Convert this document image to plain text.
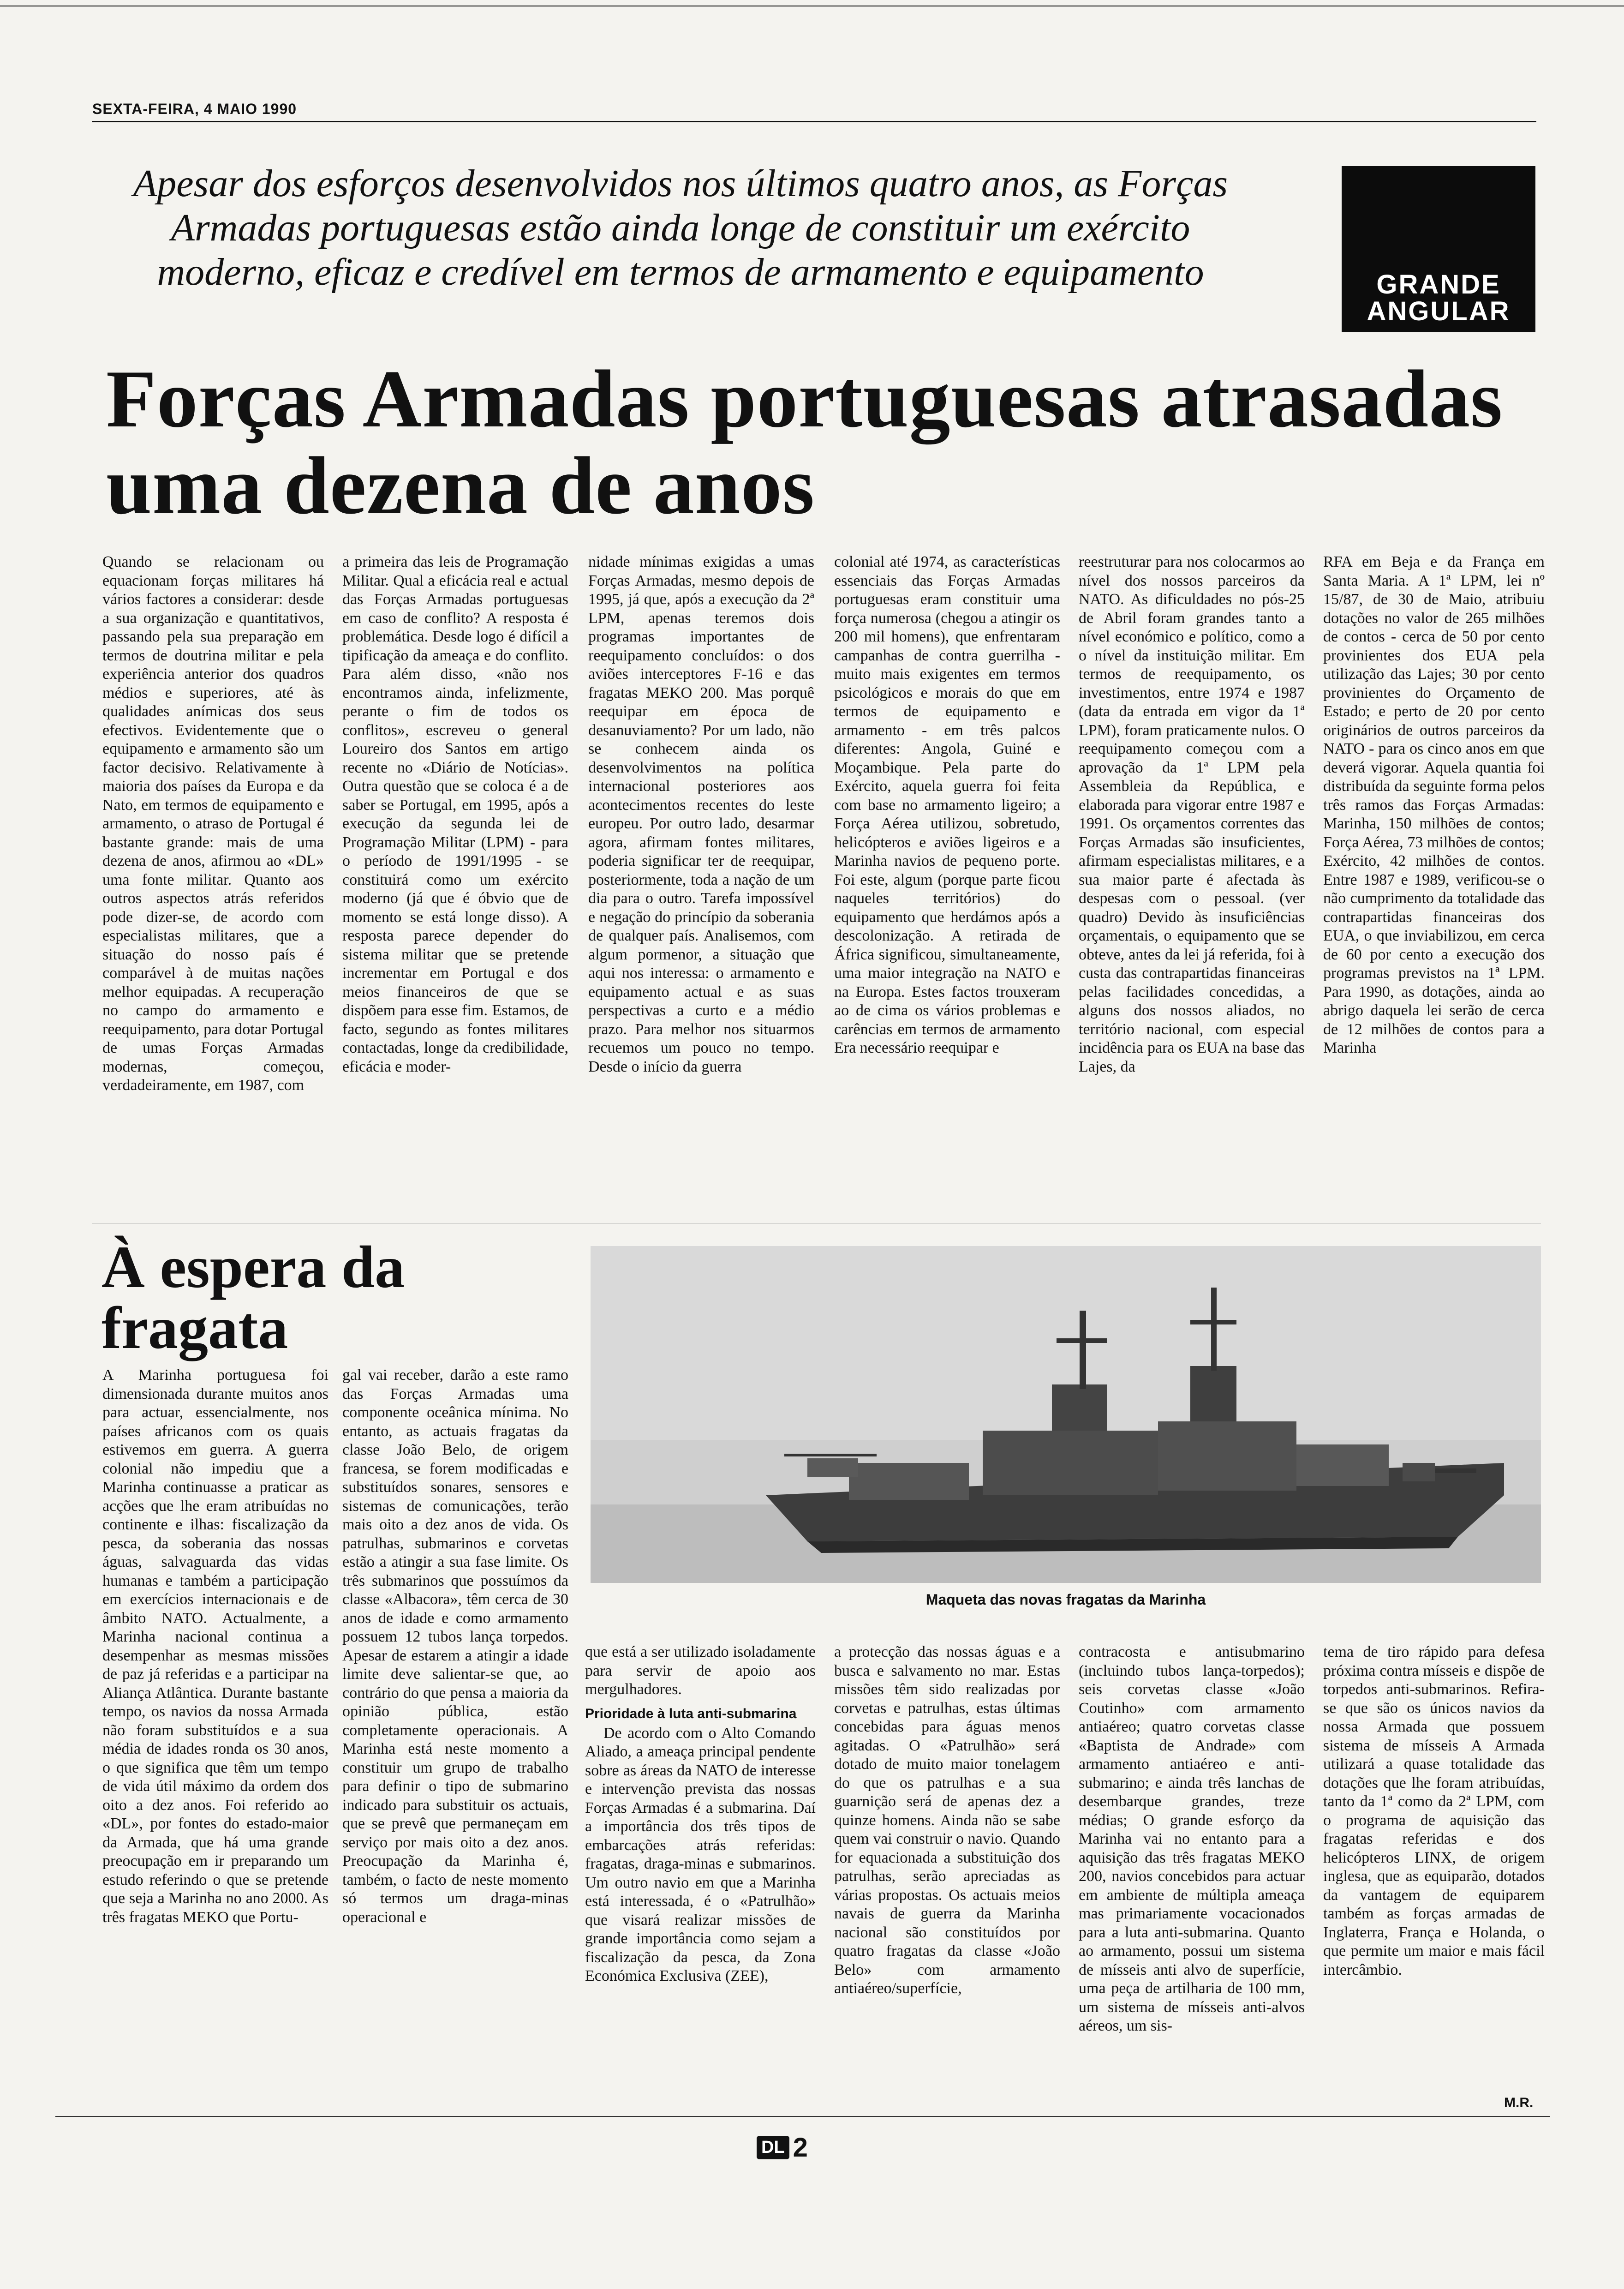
SEXTA-FEIRA, 4 MAIO 1990
Apesar dos esforços desenvolvidos nos últimos quatro anos, as Forças Armadas portuguesas estão ainda longe de constituir um exército moderno, eficaz e credível em termos de armamento e equipamento	GRANDE
ANGULAR
Forças Armadas portuguesas atrasadas uma dezena de anos
Quando se relacionam ou equacionam forças militares há vários factores a considerar: desde a sua organização e quantitativos, passando pela sua preparação em termos de doutrina militar e pela experiência anterior dos quadros médios e superiores, até às qualidades anímicas dos seus efectivos. Evidentemente que o equipamento e armamento são um factor decisivo. Relativamente à maioria dos países da Europa e da Nato, em termos de equipamento e armamento, o atraso de Portugal é bastante grande: mais de uma dezena de anos, afirmou ao «DL» uma fonte militar. Quanto aos outros aspectos atrás referidos pode dizer-se, de acordo com especialistas militares, que a situação do nosso país é comparável à de muitas nações melhor equipadas. A recuperação no campo do armamento e reequipamento, para dotar Portugal de umas Forças Armadas modernas, começou, verdadeiramente, em 1987, com
a primeira das leis de Programação Militar. Qual a eficácia real e actual das Forças Armadas portuguesas em caso de conflito? A resposta é problemática. Desde logo é difícil a tipificação da ameaça e do conflito. Para além disso, «não nos encontramos ainda, infelizmente, perante o fim de todos os conflitos», escreveu o general Loureiro dos Santos em artigo recente no «Diário de Notícias». Outra questão que se coloca é a de saber se Portugal, em 1995, após a execução da segunda lei de Programação Militar (LPM) - para o período de 1991/1995 - se constituirá como um exército moderno (já que é óbvio que de momento se está longe disso). A resposta parece depender do sistema militar que se pretende incrementar em Portugal e dos meios financeiros de que se dispõem para esse fim. Estamos, de facto, segundo as fontes militares contactadas, longe da credibilidade, eficácia e moder-
nidade mínimas exigidas a umas Forças Armadas, mesmo depois de 1995, já que, após a execução da 2ª LPM, apenas teremos dois programas importantes de reequipamento concluídos: o dos aviões interceptores F-16 e das fragatas MEKO 200. Mas porquê reequipar em época de desanuviamento? Por um lado, não se conhecem ainda os desenvolvimentos na política internacional posteriores aos acontecimentos recentes do leste europeu. Por outro lado, desarmar agora, afirmam fontes militares, poderia significar ter de reequipar, posteriormente, toda a nação de um dia para o outro. Tarefa impossível e negação do princípio da soberania de qualquer país. Analisemos, com algum pormenor, a situação que aqui nos interessa: o armamento e equipamento actual e as suas perspectivas a curto e a médio prazo. Para melhor nos situarmos recuemos um pouco no tempo. Desde o início da guerra
colonial até 1974, as características essenciais das Forças Armadas portuguesas eram constituir uma força numerosa (chegou a atingir os 200 mil homens), que enfrentaram campanhas de contra guerrilha - muito mais exigentes em termos psicológicos e morais do que em termos de equipamento e armamento - em três palcos diferentes: Angola, Guiné e Moçambique. Pela parte do Exército, aquela guerra foi feita com base no armamento ligeiro; a Força Aérea utilizou, sobretudo, helicópteros e aviões ligeiros e a Marinha navios de pequeno porte. Foi este, algum (porque parte ficou naqueles territórios) do equipamento que herdámos após a descolonização. A retirada de África significou, simultaneamente, uma maior integração na NATO e na Europa. Estes factos trouxeram ao de cima os vários problemas e carências em termos de armamento Era necessário reequipar e
reestruturar para nos colocarmos ao nível dos nossos parceiros da NATO. As dificuldades no pós-25 de Abril foram grandes tanto a nível económico e político, como a o nível da instituição militar. Em termos de reequipamento, os investimentos, entre 1974 e 1987 (data da entrada em vigor da 1ª LPM), foram praticamente nulos. O reequipamento começou com a aprovação da 1ª LPM pela Assembleia da República, e elaborada para vigorar entre 1987 e 1991. Os orçamentos correntes das Forças Armadas são insuficientes, afirmam especialistas militares, e a sua maior parte é afectada às despesas com o pessoal. (ver quadro) Devido às insuficiências orçamentais, o equipamento que se obteve, antes da lei já referida, foi à custa das contrapartidas financeiras pelas facilidades concedidas, a alguns dos nossos aliados, no território nacional, com especial incidência para os EUA na base das Lajes, da
RFA em Beja e da França em Santa Maria. A 1ª LPM, lei nº 15/87, de 30 de Maio, atribuiu dotações no valor de 265 milhões de contos - cerca de 50 por cento provinientes dos EUA pela utilização das Lajes; 30 por cento provinientes do Orçamento de Estado; e perto de 20 por cento originários de outros parceiros da NATO - para os cinco anos em que deverá vigorar. Aquela quantia foi distribuída da seguinte forma pelos três ramos das Forças Armadas: Marinha, 150 milhões de contos; Força Aérea, 73 milhões de contos; Exército, 42 milhões de contos. Entre 1987 e 1989, verificou-se o não cumprimento da totalidade das contrapartidas financeiras dos EUA, o que inviabilizou, em cerca de 60 por cento a execução dos programas previstos na 1ª LPM. Para 1990, as dotações, ainda ao abrigo daquela lei serão de cerca de 12 milhões de contos para a Marinha
À espera da fragata
Maqueta das novas fragatas da Marinha
A Marinha portuguesa foi dimensionada durante muitos anos para actuar, essencialmente, nos países africanos com os quais estivemos em guerra. A guerra colonial não impediu que a Marinha continuasse a praticar as acções que lhe eram atribuídas no continente e ilhas: fiscalização da pesca, da soberania das nossas águas, salvaguarda das vidas humanas e também a participação em exercícios internacionais e de âmbito NATO. Actualmente, a Marinha nacional continua a desempenhar as mesmas missões de paz já referidas e a participar na Aliança Atlântica. Durante bastante tempo, os navios da nossa Armada não foram substituídos e a sua média de idades ronda os 30 anos, o que significa que têm um tempo de vida útil máximo da ordem dos oito a dez anos. Foi referido ao «DL», por fontes do estado-maior da Armada, que há uma grande preocupação em ir preparando um estudo referindo o que se pretende que seja a Marinha no ano 2000. As três fragatas MEKO que Portu-
gal vai receber, darão a este ramo das Forças Armadas uma componente oceânica mínima. No entanto, as actuais fragatas da classe João Belo, de origem francesa, se forem modificadas e substituídos sonares, sensores e sistemas de comunicações, terão mais oito a dez anos de vida. Os patrulhas, submarinos e corvetas estão a atingir a sua fase limite. Os três submarinos que possuímos da classe «Albacora», têm cerca de 30 anos de idade e como armamento possuem 12 tubos lança torpedos. Apesar de estarem a atingir a idade limite deve salientar-se que, ao contrário do que pensa a maioria da opinião pública, estão completamente operacionais. A Marinha está neste momento a constituir um grupo de trabalho para definir o tipo de submarino indicado para substituir os actuais, que se prevê que permaneçam em serviço por mais oito a dez anos. Preocupação da Marinha é, também, o facto de neste momento só termos um draga-minas operacional e

que está a ser utilizado isoladamente para servir de apoio aos mergulhadores.

Prioridade à luta anti-submarina

De acordo com o Alto Comando Aliado, a ameaça principal pendente sobre as áreas da NATO de interesse e intervenção prevista das nossas Forças Armadas é a submarina. Daí a importância dos três tipos de embarcações atrás referidas: fragatas, draga-minas e submarinos. Um outro navio em que a Marinha está interessada, é o «Patrulhão» que visará realizar missões de grande importância como sejam a fiscalização da pesca, da Zona Económica Exclusiva (ZEE),

a protecção das nossas águas e a busca e salvamento no mar. Estas missões têm sido realizadas por corvetas e patrulhas, estas últimas concebidas para águas menos agitadas. O «Patrulhão» será dotado de muito maior tonelagem do que os patrulhas e a sua guarnição será de apenas dez a quinze homens. Ainda não se sabe quem vai construir o navio. Quando for equacionada a substituição dos patrulhas, serão apreciadas as várias propostas. Os actuais meios navais de guerra da Marinha nacional são constituídos por quatro fragatas da classe «João Belo» com armamento antiaéreo/superfície,
contracosta e antisubmarino (incluindo tubos lança-torpedos); seis corvetas classe «João Coutinho» com armamento antiaéreo; quatro corvetas classe «Baptista de Andrade» com armamento antiaéreo e anti-submarino; e ainda três lanchas de desembarque grandes, treze médias; O grande esforço da Marinha vai no entanto para a aquisição das três fragatas MEKO 200, navios concebidos para actuar em ambiente de múltipla ameaça mas primariamente vocacionados para a luta anti-submarina. Quanto ao armamento, possui um sistema de mísseis anti alvo de superfície, uma peça de artilharia de 100 mm, um sistema de mísseis anti-alvos aéreos, um sis-
tema de tiro rápido para defesa próxima contra mísseis e dispõe de torpedos anti-submarinos. Refira-se que são os únicos navios da nossa Armada que possuem sistema de mísseis A Armada utilizará a quase totalidade das dotações que lhe foram atribuídas, tanto da 1ª como da 2ª LPM, com o programa de aquisição das fragatas referidas e dos helicópteros LINX, de origem inglesa, que as equiparão, dotados da vantagem de equiparem também as forças armadas de Inglaterra, França e Holanda, o que permite um maior e mais fácil intercâmbio.
M.R.
DL 2
